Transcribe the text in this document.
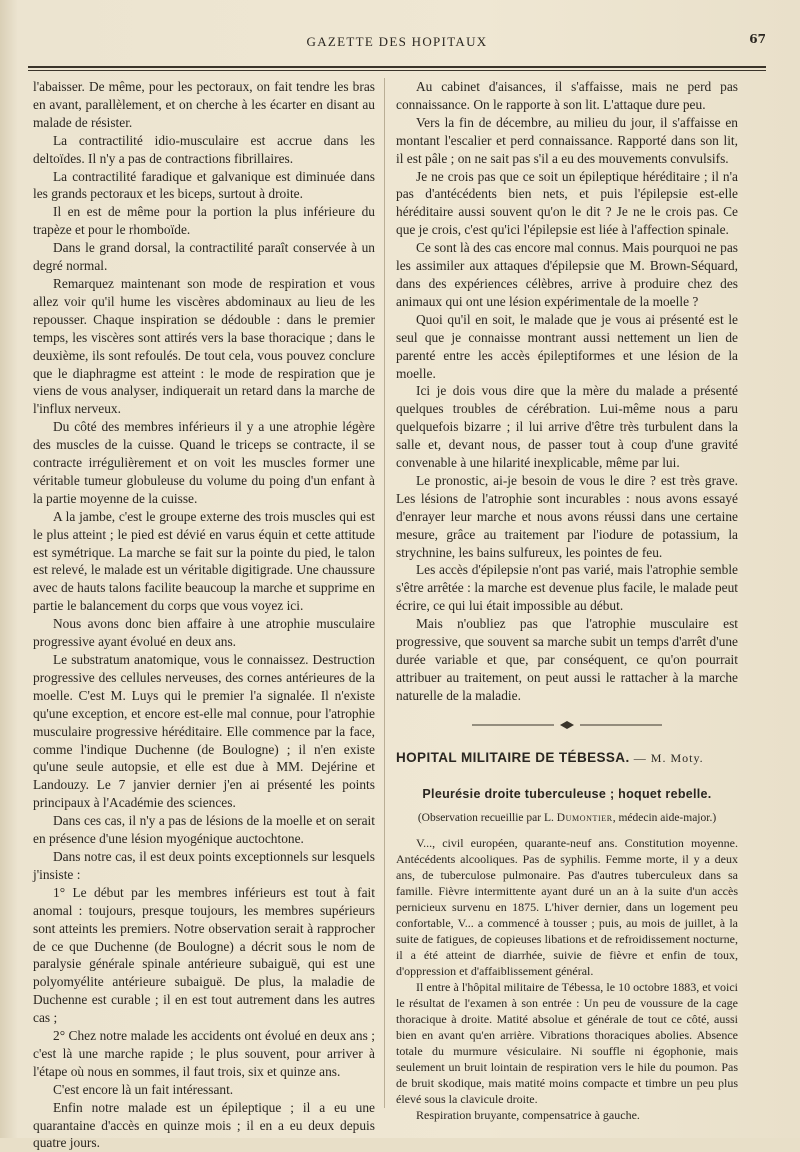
GAZETTE DES HOPITAUX	67

l'abaisser. De même, pour les pectoraux, on fait tendre les bras en avant, parallèlement, et on cherche à les écarter en disant au malade de résister.

La contractilité idio-musculaire est accrue dans les deltoïdes. Il n'y a pas de contractions fibrillaires.

La contractilité faradique et galvanique est diminuée dans les grands pectoraux et les biceps, surtout à droite.

Il en est de même pour la portion la plus inférieure du trapèze et pour le rhomboïde.

Dans le grand dorsal, la contractilité paraît conservée à un degré normal.

Remarquez maintenant son mode de respiration et vous allez voir qu'il hume les viscères abdominaux au lieu de les repousser. Chaque inspiration se dédouble : dans le premier temps, les viscères sont attirés vers la base thoracique ; dans le deuxième, ils sont refoulés. De tout cela, vous pouvez conclure que le diaphragme est atteint : le mode de respiration que je viens de vous analyser, indiquerait un retard dans la marche de l'influx nerveux.

Du côté des membres inférieurs il y a une atrophie légère des muscles de la cuisse. Quand le triceps se contracte, il se contracte irrégulièrement et on voit les muscles former une véritable tumeur globuleuse du volume du poing d'un enfant à la partie moyenne de la cuisse.

A la jambe, c'est le groupe externe des trois muscles qui est le plus atteint ; le pied est dévié en varus équin et cette attitude est symétrique. La marche se fait sur la pointe du pied, le talon est relevé, le malade est un véritable digitigrade. Une chaussure avec de hauts talons facilite beaucoup la marche et supprime en partie le balancement du corps que vous voyez ici.

Nous avons donc bien affaire à une atrophie musculaire progressive ayant évolué en deux ans.

Le substratum anatomique, vous le connaissez. Destruction progressive des cellules nerveuses, des cornes antérieures de la moelle. C'est M. Luys qui le premier l'a signalée. Il n'existe qu'une exception, et encore est-elle mal connue, pour l'atrophie musculaire progressive héréditaire. Elle commence par la face, comme l'indique Duchenne (de Boulogne) ; il n'en existe qu'une seule autopsie, et elle est due à MM. Dejérine et Landouzy. Le 7 janvier dernier j'en ai présenté les points principaux à l'Académie des sciences.

Dans ces cas, il n'y a pas de lésions de la moelle et on serait en présence d'une lésion myogénique auctochtone.

Dans notre cas, il est deux points exceptionnels sur lesquels j'insiste :

1° Le début par les membres inférieurs est tout à fait anomal : toujours, presque toujours, les membres supérieurs sont atteints les premiers. Notre observation serait à rapprocher de ce que Duchenne (de Boulogne) a décrit sous le nom de paralysie générale spinale antérieure subaiguë, qui est une polyomyélite antérieure subaiguë. De plus, la maladie de Duchenne est curable ; il en est tout autrement dans les autres cas ;

2° Chez notre malade les accidents ont évolué en deux ans ; c'est là une marche rapide ; le plus souvent, pour arriver à l'étape où nous en sommes, il faut trois, six et quinze ans.

C'est encore là un fait intéressant.

Enfin notre malade est un épileptique ; il a eu une quarantaine d'accès en quinze mois ; il en a eu deux depuis quatre jours.

Au cabinet d'aisances, il s'affaisse, mais ne perd pas connaissance. On le rapporte à son lit. L'attaque dure peu.

Vers la fin de décembre, au milieu du jour, il s'affaisse en montant l'escalier et perd connaissance. Rapporté dans son lit, il est pâle ; on ne sait pas s'il a eu des mouvements convulsifs.

Je ne crois pas que ce soit un épileptique héréditaire ; il n'a pas d'antécédents bien nets, et puis l'épilepsie est-elle héréditaire aussi souvent qu'on le dit ? Je ne le crois pas. Ce que je crois, c'est qu'ici l'épilepsie est liée à l'affection spinale.

Ce sont là des cas encore mal connus. Mais pourquoi ne pas les assimiler aux attaques d'épilepsie que M. Brown-Séquard, dans des expériences célèbres, arrive à produire chez des animaux qui ont une lésion expérimentale de la moelle ?

Quoi qu'il en soit, le malade que je vous ai présenté est le seul que je connaisse montrant aussi nettement un lien de parenté entre les accès épileptiformes et une lésion de la moelle.

Ici je dois vous dire que la mère du malade a présenté quelques troubles de cérébration. Lui-même nous a paru quelquefois bizarre ; il lui arrive d'être très turbulent dans la salle et, devant nous, de passer tout à coup d'une gravité convenable à une hilarité inexplicable, même par lui.

Le pronostic, ai-je besoin de vous le dire ? est très grave. Les lésions de l'atrophie sont incurables : nous avons essayé d'enrayer leur marche et nous avons réussi dans une certaine mesure, grâce au traitement par l'iodure de potassium, la strychnine, les bains sulfureux, les pointes de feu.

Les accès d'épilepsie n'ont pas varié, mais l'atrophie semble s'être arrêtée : la marche est devenue plus facile, le malade peut écrire, ce qui lui était impossible au début.

Mais n'oubliez pas que l'atrophie musculaire est progressive, que souvent sa marche subit un temps d'arrêt d'une durée variable et que, par conséquent, ce qu'on pourrait attribuer au traitement, on peut aussi le rattacher à la marche naturelle de la maladie.

HOPITAL MILITAIRE DE TÉBESSA. — M. Moty.
Pleurésie droite tuberculeuse ; hoquet rebelle.
(Observation recueillie par L. Dumontier, médecin aide-major.)

V..., civil européen, quarante-neuf ans. Constitution moyenne. Antécédents alcooliques. Pas de syphilis. Femme morte, il y a deux ans, de tuberculose pulmonaire. Pas d'autres tuberculeux dans sa famille. Fièvre intermittente ayant duré un an à la suite d'un accès pernicieux survenu en 1875. L'hiver dernier, dans un logement peu confortable, V... a commencé à tousser ; puis, au mois de juillet, à la suite de fatigues, de copieuses libations et de refroidissement nocturne, il a été atteint de diarrhée, suivie de fièvre et enfin de toux, d'oppression et d'affaiblissement général.

Il entre à l'hôpital militaire de Tébessa, le 10 octobre 1883, et voici le résultat de l'examen à son entrée : Un peu de voussure de la cage thoracique à droite. Matité absolue et générale de tout ce côté, aussi bien en avant qu'en arrière. Vibrations thoraciques abolies. Absence totale du murmure vésiculaire. Ni souffle ni égophonie, mais seulement un bruit lointain de respiration vers le hile du poumon. Pas de bruit skodique, mais matité moins compacte et timbre un peu plus élevé sous la clavicule droite.

Respiration bruyante, compensatrice à gauche.
